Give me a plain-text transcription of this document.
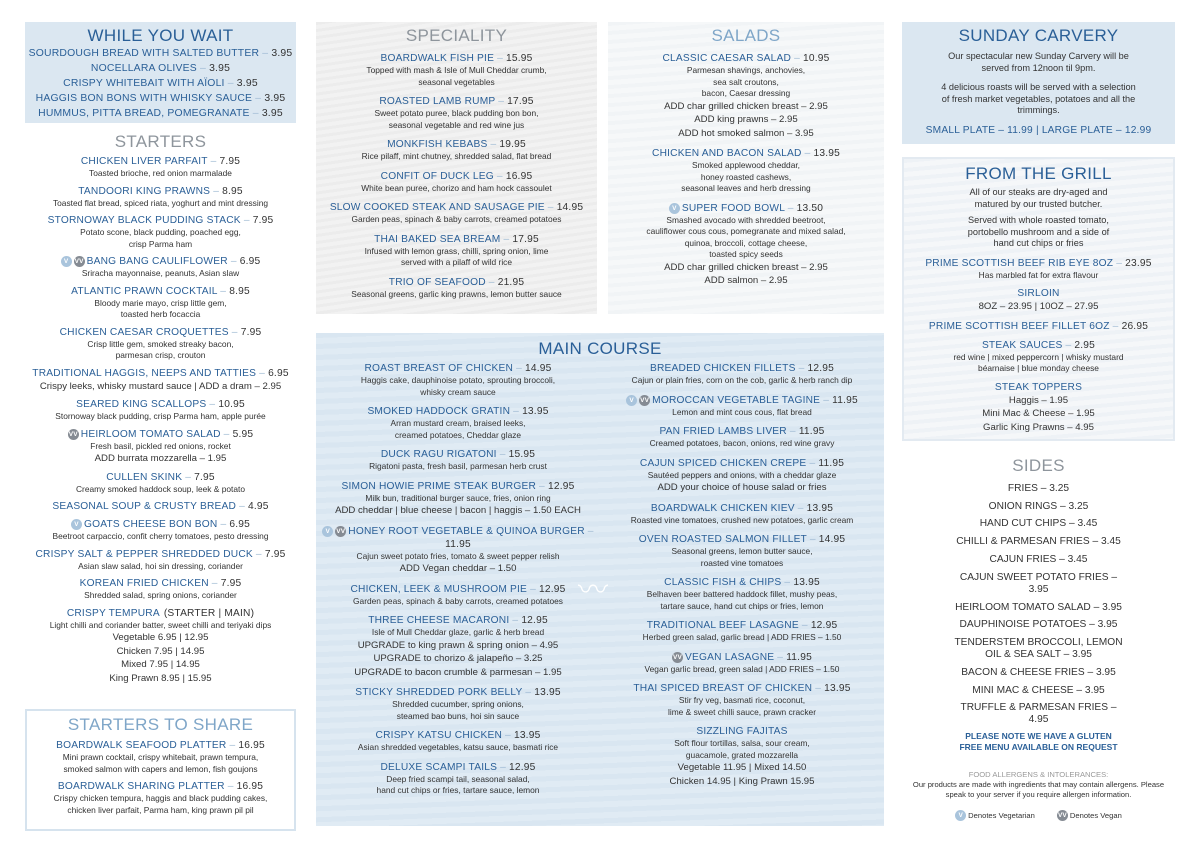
WHILE YOU WAIT
SOURDOUGH BREAD WITH SALTED BUTTER – 3.95
NOCELLARA OLIVES – 3.95
CRISPY WHITEBAIT WITH AÏOLI – 3.95
HAGGIS BON BONS WITH WHISKY SAUCE – 3.95
HUMMUS, PITTA BREAD, POMEGRANATE – 3.95
STARTERS
CHICKEN LIVER PARFAIT – 7.95
Toasted brioche, red onion marmalade
TANDOORI KING PRAWNS – 8.95
Toasted flat bread, spiced riata, yoghurt and mint dressing
STORNOWAY BLACK PUDDING STACK – 7.95
Potato scone, black pudding, poached egg,
crisp Parma ham
V VV BANG BANG CAULIFLOWER – 6.95
Sriracha mayonnaise, peanuts, Asian slaw
ATLANTIC PRAWN COCKTAIL – 8.95
Bloody marie mayo, crisp little gem,
toasted herb focaccia
CHICKEN CAESAR CROQUETTES – 7.95
Crisp little gem, smoked streaky bacon,
parmesan crisp, crouton
TRADITIONAL HAGGIS, NEEPS AND TATTIES – 6.95
Crispy leeks, whisky mustard sauce | ADD a dram – 2.95
SEARED KING SCALLOPS – 10.95
Stornoway black pudding, crisp Parma ham, apple purée
VV HEIRLOOM TOMATO SALAD – 5.95
Fresh basil, pickled red onions, rocket
ADD burrata mozzarella – 1.95
CULLEN SKINK – 7.95
Creamy smoked haddock soup, leek & potato
SEASONAL SOUP & CRUSTY BREAD – 4.95
V GOATS CHEESE BON BON – 6.95
Beetroot carpaccio, confit cherry tomatoes, pesto dressing
CRISPY SALT & PEPPER SHREDDED DUCK – 7.95
Asian slaw salad, hoi sin dressing, coriander
KOREAN FRIED CHICKEN – 7.95
Shredded salad, spring onions, coriander
CRISPY TEMPURA (STARTER | MAIN)
Light chilli and coriander batter, sweet chilli and teriyaki dips
Vegetable 6.95 | 12.95
Chicken 7.95 | 14.95
Mixed 7.95 | 14.95
King Prawn 8.95 | 15.95
STARTERS TO SHARE
BOARDWALK SEAFOOD PLATTER – 16.95
Mini prawn cocktail, crispy whitebait, prawn tempura,
smoked salmon with capers and lemon, fish goujons
BOARDWALK SHARING PLATTER – 16.95
Crispy chicken tempura, haggis and black pudding cakes,
chicken liver parfait, Parma ham, king prawn pil pil
SPECIALITY
BOARDWALK FISH PIE – 15.95
Topped with mash & Isle of Mull Cheddar crumb,
seasonal vegetables
ROASTED LAMB RUMP – 17.95
Sweet potato puree, black pudding bon bon,
seasonal vegetable and red wine jus
MONKFISH KEBABS – 19.95
Rice pilaff, mint chutney, shredded salad, flat bread
CONFIT OF DUCK LEG – 16.95
White bean puree, chorizo and ham hock cassoulet
SLOW COOKED STEAK AND SAUSAGE PIE – 14.95
Garden peas, spinach & baby carrots, creamed potatoes
THAI BAKED SEA BREAM – 17.95
Infused with lemon grass, chilli, spring onion, lime
served with a pilaff of wild rice
TRIO OF SEAFOOD – 21.95
Seasonal greens, garlic king prawns, lemon butter sauce
SALADS
CLASSIC CAESAR SALAD – 10.95
Parmesan shavings, anchovies,
sea salt croutons,
bacon, Caesar dressing
ADD char grilled chicken breast – 2.95
ADD king prawns – 2.95
ADD hot smoked salmon – 3.95
CHICKEN AND BACON SALAD – 13.95
Smoked applewood cheddar,
honey roasted cashews,
seasonal leaves and herb dressing
V SUPER FOOD BOWL – 13.50
Smashed avocado with shredded beetroot,
cauliflower cous cous, pomegranate and mixed salad,
quinoa, broccoli, cottage cheese,
toasted spicy seeds
ADD char grilled chicken breast – 2.95
ADD salmon – 2.95
MAIN COURSE
〰
ROAST BREAST OF CHICKEN – 14.95
Haggis cake, dauphinoise potato, sprouting broccoli,
whisky cream sauce
SMOKED HADDOCK GRATIN – 13.95
Arran mustard cream, braised leeks,
creamed potatoes, Cheddar glaze
DUCK RAGU RIGATONI – 15.95
Rigatoni pasta, fresh basil, parmesan herb crust
SIMON HOWIE PRIME STEAK BURGER – 12.95
Milk bun, traditional burger sauce, fries, onion ring
ADD cheddar | blue cheese | bacon | haggis – 1.50 EACH
V VV HONEY ROOT VEGETABLE & QUINOA BURGER– 11.95
Cajun sweet potato fries, tomato & sweet pepper relish
ADD Vegan cheddar – 1.50
CHICKEN, LEEK & MUSHROOM PIE – 12.95
Garden peas, spinach & baby carrots, creamed potatoes
THREE CHEESE MACARONI – 12.95
Isle of Mull Cheddar glaze, garlic & herb bread
UPGRADE to king prawn & spring onion – 4.95
UPGRADE to chorizo & jalapeño – 3.25
UPGRADE to bacon crumble & parmesan – 1.95
STICKY SHREDDED PORK BELLY – 13.95
Shredded cucumber, spring onions,
steamed bao buns, hoi sin sauce
CRISPY KATSU CHICKEN – 13.95
Asian shredded vegetables, katsu sauce, basmati rice
DELUXE SCAMPI TAILS – 12.95
Deep fried scampi tail, seasonal salad,
hand cut chips or fries, tartare sauce, lemon
BREADED CHICKEN FILLETS – 12.95
Cajun or plain fries, corn on the cob, garlic & herb ranch dip
V VV MOROCCAN VEGETABLE TAGINE – 11.95
Lemon and mint cous cous, flat bread
PAN FRIED LAMBS LIVER – 11.95
Creamed potatoes, bacon, onions, red wine gravy
CAJUN SPICED CHICKEN CREPE – 11.95
Sautéed peppers and onions, with a cheddar glaze
ADD your choice of house salad or fries
BOARDWALK CHICKEN KIEV – 13.95
Roasted vine tomatoes, crushed new potatoes, garlic cream
OVEN ROASTED SALMON FILLET – 14.95
Seasonal greens, lemon butter sauce,
roasted vine tomatoes
CLASSIC FISH & CHIPS – 13.95
Belhaven beer battered haddock fillet, mushy peas,
tartare sauce, hand cut chips or fries, lemon
TRADITIONAL BEEF LASAGNE – 12.95
Herbed green salad, garlic bread | ADD FRIES – 1.50
VV VEGAN LASAGNE – 11.95
Vegan garlic bread, green salad | ADD FRIES – 1.50
THAI SPICED BREAST OF CHICKEN – 13.95
Stir fry veg, basmati rice, coconut,
lime & sweet chilli sauce, prawn cracker
SIZZLING FAJITAS
Soft flour tortillas, salsa, sour cream,
guacamole, grated mozzarella
Vegetable 11.95 | Mixed 14.50
Chicken 14.95 | King Prawn 15.95
SUNDAY CARVERY
Our spectacular new Sunday Carvery will be served from 12noon til 9pm.
4 delicious roasts will be served with a selection of fresh market vegetables, potatoes and all the trimmings.
SMALL PLATE – 11.99 | LARGE PLATE – 12.99
FROM THE GRILL
All of our steaks are dry-aged and matured by our trusted butcher.
Served with whole roasted tomato, portobello mushroom and a side of hand cut chips or fries
PRIME SCOTTISH BEEF RIB EYE 8OZ – 23.95
Has marbled fat for extra flavour
SIRLOIN
8OZ – 23.95 | 10OZ – 27.95
PRIME SCOTTISH BEEF FILLET 6OZ – 26.95
STEAK SAUCES – 2.95
red wine | mixed peppercorn | whisky mustard
béarnaise | blue monday cheese
STEAK TOPPERS
Haggis – 1.95
Mini Mac & Cheese – 1.95
Garlic King Prawns – 4.95
SIDES
FRIES – 3.25
ONION RINGS – 3.25
HAND CUT CHIPS – 3.45
CHILLI & PARMESAN FRIES – 3.45
CAJUN FRIES – 3.45
CAJUN SWEET POTATO FRIES – 3.95
HEIRLOOM TOMATO SALAD – 3.95
DAUPHINOISE POTATOES – 3.95
TENDERSTEM BROCCOLI, LEMON OIL & SEA SALT – 3.95
BACON & CHEESE FRIES – 3.95
MINI MAC & CHEESE – 3.95
TRUFFLE & PARMESAN FRIES – 4.95
PLEASE NOTE WE HAVE A GLUTEN FREE MENU AVAILABLE ON REQUEST
FOOD ALLERGENS & INTOLERANCES:
Our products are made with ingredients that may contain allergens. Please speak to your server if you require allergen information.
V Denotes Vegetarian	VV Denotes Vegan
